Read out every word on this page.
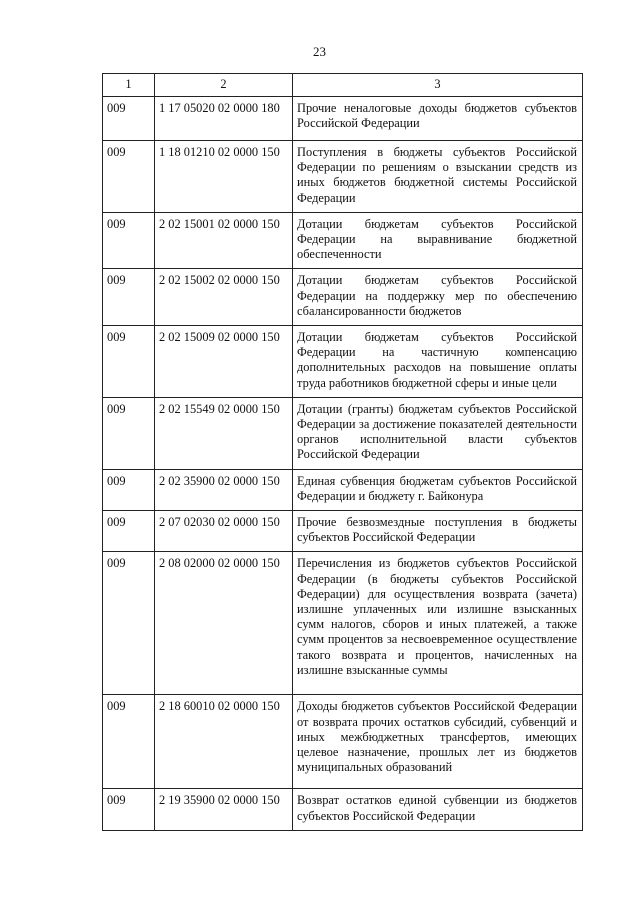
23
1	2	3
009	1 17 05020 02 0000 180	Прочие неналоговые доходы бюджетов субъектов Российской Федерации
009	1 18 01210 02 0000 150	Поступления в бюджеты субъектов Российской Федерации по решениям о взыскании средств из иных бюджетов бюджетной системы Российской Федерации
009	2 02 15001 02 0000 150	Дотации бюджетам субъектов Российской Федерации на выравнивание бюджетной обеспеченности
009	2 02 15002 02 0000 150	Дотации бюджетам субъектов Российской Федерации на поддержку мер по обеспечению сбалансированности бюджетов
009	2 02 15009 02 0000 150	Дотации бюджетам субъектов Российской Федерации на частичную компенсацию дополнительных расходов на повышение оплаты труда работников бюджетной сферы и иные цели
009	2 02 15549 02 0000 150	Дотации (гранты) бюджетам субъектов Российской Федерации за достижение показателей деятельности органов исполнительной власти субъектов Российской Федерации
009	2 02 35900 02 0000 150	Единая субвенция бюджетам субъектов Российской Федерации и бюджету г. Байконура
009	2 07 02030 02 0000 150	Прочие безвозмездные поступления в бюджеты субъектов Российской Федерации
009	2 08 02000 02 0000 150	Перечисления из бюджетов субъектов Российской Федерации (в бюджеты субъектов Российской Федерации) для осуществления возврата (зачета) излишне уплаченных или излишне взысканных сумм налогов, сборов и иных платежей, а также сумм процентов за несвоевременное осуществление такого возврата и процентов, начисленных на излишне взысканные суммы
009	2 18 60010 02 0000 150	Доходы бюджетов субъектов Российской Федерации от возврата прочих остатков субсидий, субвенций и иных межбюджетных трансфертов, имеющих целевое назначение, прошлых лет из бюджетов муниципальных образований
009	2 19 35900 02 0000 150	Возврат остатков единой субвенции из бюджетов субъектов Российской Федерации
